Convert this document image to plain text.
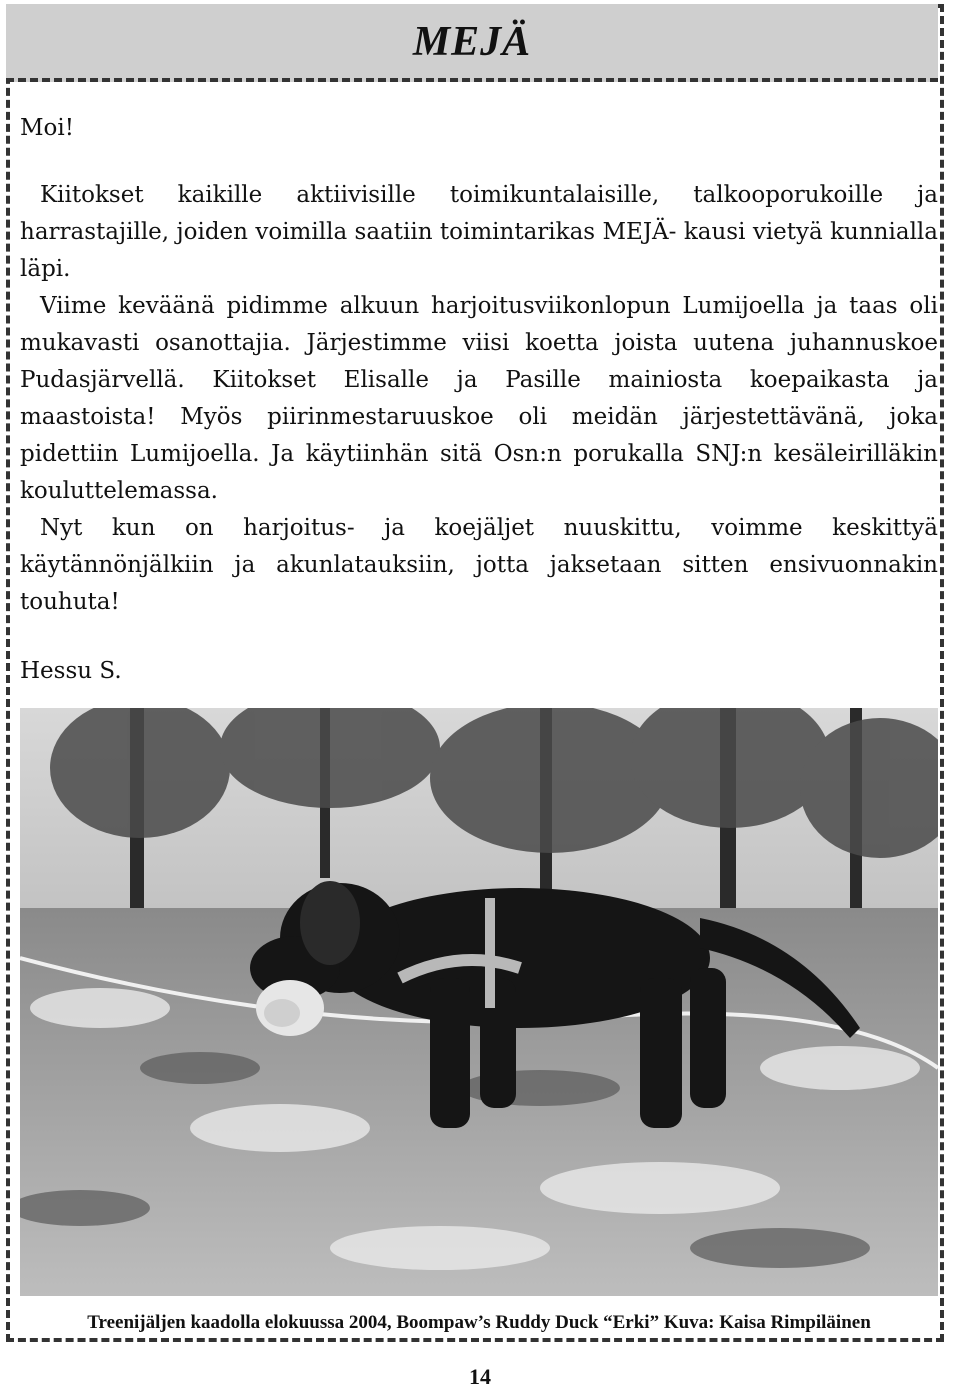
MEJÄ

Moi!

Kiitokset kaikille aktiivisille toimikuntalaisille, talkooporukoille ja harrastajille, joiden voimilla saatiin toimintarikas MEJÄ- kausi vietyä kunnialla läpi.

Viime keväänä pidimme alkuun harjoitusviikonlopun Lumijoella ja taas oli mukavasti osanottajia. Järjestimme viisi koetta joista uutena juhannuskoe Pudasjärvellä. Kiitokset Elisalle ja Pasille mainiosta koepaikasta ja maastoista! Myös piirinmestaruuskoe oli meidän järjestettävänä, joka pidettiin Lumijoella. Ja käytiinhän sitä Osn:n porukalla SNJ:n kesäleirilläkin kouluttelemassa.

Nyt kun on harjoitus- ja koejäljet nuuskittu, voimme keskittyä käytännönjälkiin ja akunlatauksiin, jotta jaksetaan sitten ensivuonnakin touhuta!

Hessu S.

Treenijäljen kaadolla elokuussa 2004, Boompaw’s Ruddy Duck “Erki” Kuva: Kaisa Rimpiläinen
14
